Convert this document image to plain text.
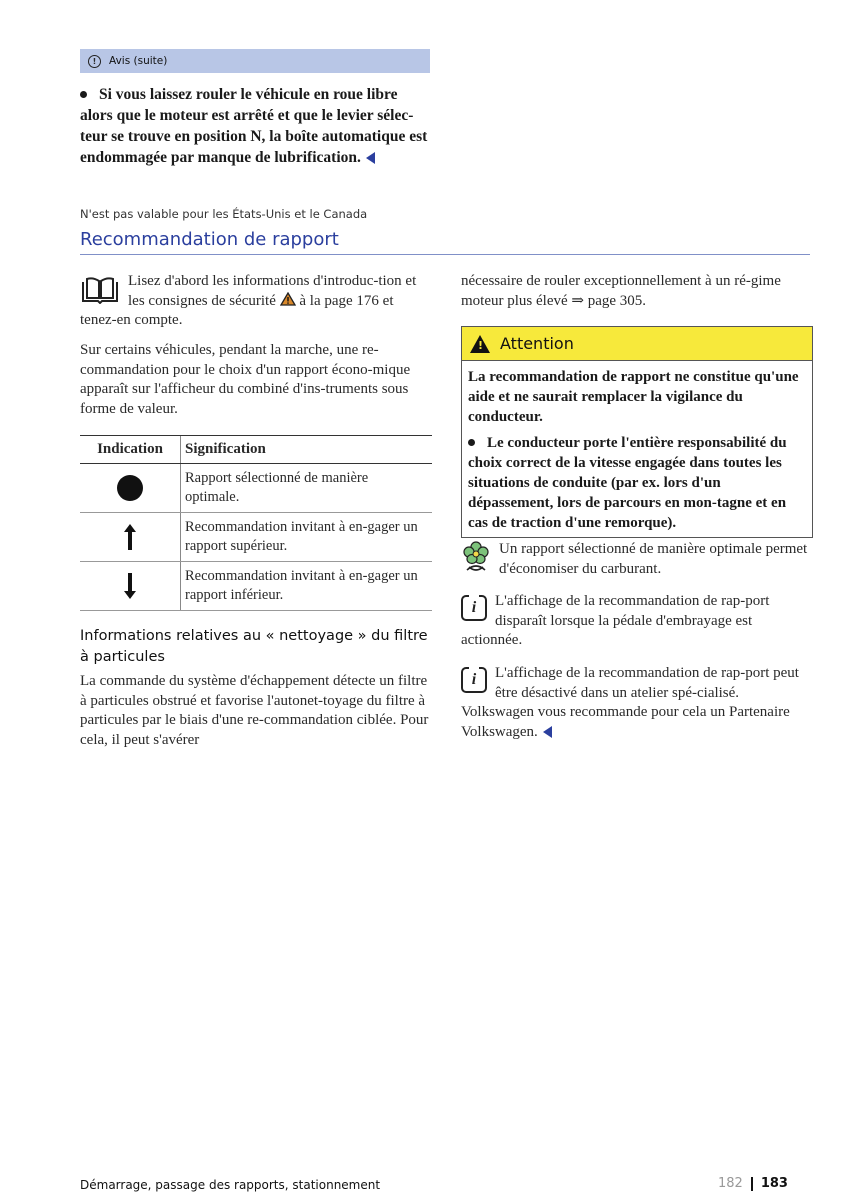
!	Avis (suite)
Si vous laissez rouler le véhicule en roue libre alors que le moteur est arrêté et que le levier sélec-teur se trouve en position N, la boîte automatique est endommagée par manque de lubrification.
N'est pas valable pour les États-Unis et le Canada
Recommandation de rapport
Lisez d'abord les informations d'introduc-tion et les consignes de sécurité à la page 176 et tenez-en compte.
Sur certains véhicules, pendant la marche, une re-commandation pour le choix d'un rapport écono-mique apparaît sur l'afficheur du combiné d'ins-truments sous forme de valeur.
Indication	Signification
Rapport sélectionné de manière optimale.
Recommandation invitant à en-gager un rapport supérieur.
Recommandation invitant à en-gager un rapport inférieur.
Informations relatives au « nettoyage » du filtre à particules
La commande du système d'échappement détecte un filtre à particules obstrué et favorise l'autonet-toyage du filtre à particules par le biais d'une re-commandation ciblée. Pour cela, il peut s'avérer
nécessaire de rouler exceptionnellement à un ré-gime moteur plus élevé ⇒ page 305.
! Attention
La recommandation de rapport ne constitue qu'une aide et ne saurait remplacer la vigilance du conducteur.
Le conducteur porte l'entière responsabilité du choix correct de la vitesse engagée dans toutes les situations de conduite (par ex. lors d'un dépassement, lors de parcours en mon-tagne et en cas de traction d'une remorque).
Un rapport sélectionné de manière optimale permet d'économiser du carburant.
i	L'affichage de la recommandation de rap-port disparaît lorsque la pédale d'embrayage est actionnée.
i	L'affichage de la recommandation de rap-port peut être désactivé dans un atelier spé-cialisé. Volkswagen vous recommande pour cela un Partenaire Volkswagen.
Démarrage, passage des rapports, stationnement	182 183
